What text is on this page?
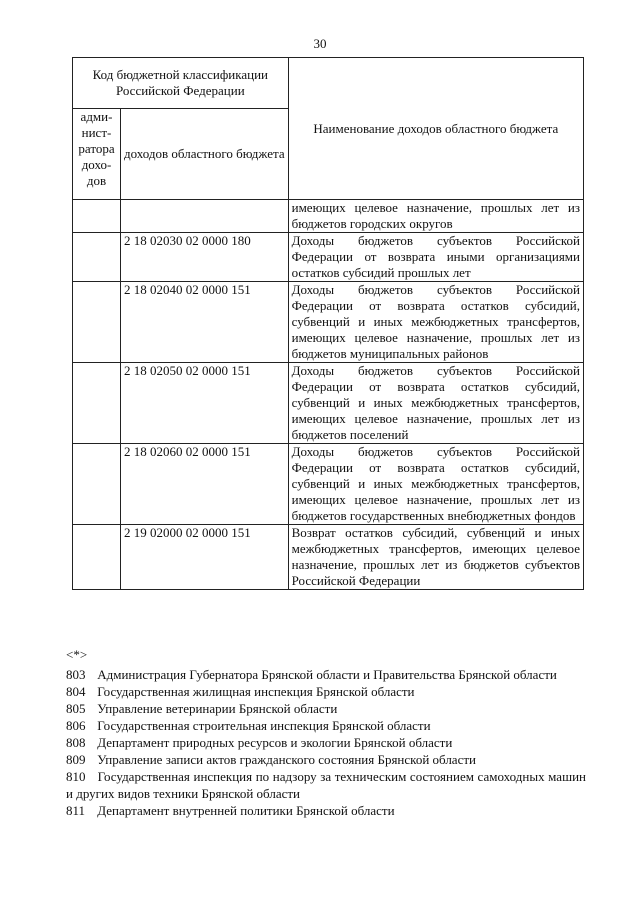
30
Код бюджетной классификации Российской Федерации		Наименование доходов областного бюджета
адми-нист-ратора дохо-дов	доходов областного бюджета	
		имеющих целевое назначение, прошлых лет из бюджетов городских округов
	2 18 02030 02 0000 180	Доходы бюджетов субъектов Российской Федерации от возврата иными организациями остатков субсидий прошлых лет
	2 18 02040 02 0000 151	Доходы бюджетов субъектов Российской Федерации от возврата остатков субсидий, субвенций и иных межбюджетных трансфертов, имеющих целевое назначение, прошлых лет из бюджетов муниципальных районов
	2 18 02050 02 0000 151	Доходы бюджетов субъектов Российской Федерации от возврата остатков субсидий, субвенций и иных межбюджетных трансфертов, имеющих целевое назначение, прошлых лет из бюджетов поселений
	2 18 02060 02 0000 151	Доходы бюджетов субъектов Российской Федерации от возврата остатков субсидий, субвенций и иных межбюджетных трансфертов, имеющих целевое назначение, прошлых лет из бюджетов государственных внебюджетных фондов
	2 19 02000 02 0000 151	Возврат остатков субсидий, субвенций и иных межбюджетных трансфертов, имеющих целевое назначение, прошлых лет из бюджетов субъектов Российской Федерации
<*>
803 Администрация Губернатора Брянской области и Правительства Брянской области
804 Государственная жилищная инспекция Брянской области
805 Управление ветеринарии Брянской области
806 Государственная строительная инспекция Брянской области
808 Департамент природных ресурсов и экологии Брянской области
809 Управление записи актов гражданского состояния Брянской области
810 Государственная инспекция по надзору за техническим состоянием самоходных машин и других видов техники Брянской области
811 Департамент внутренней политики Брянской области
